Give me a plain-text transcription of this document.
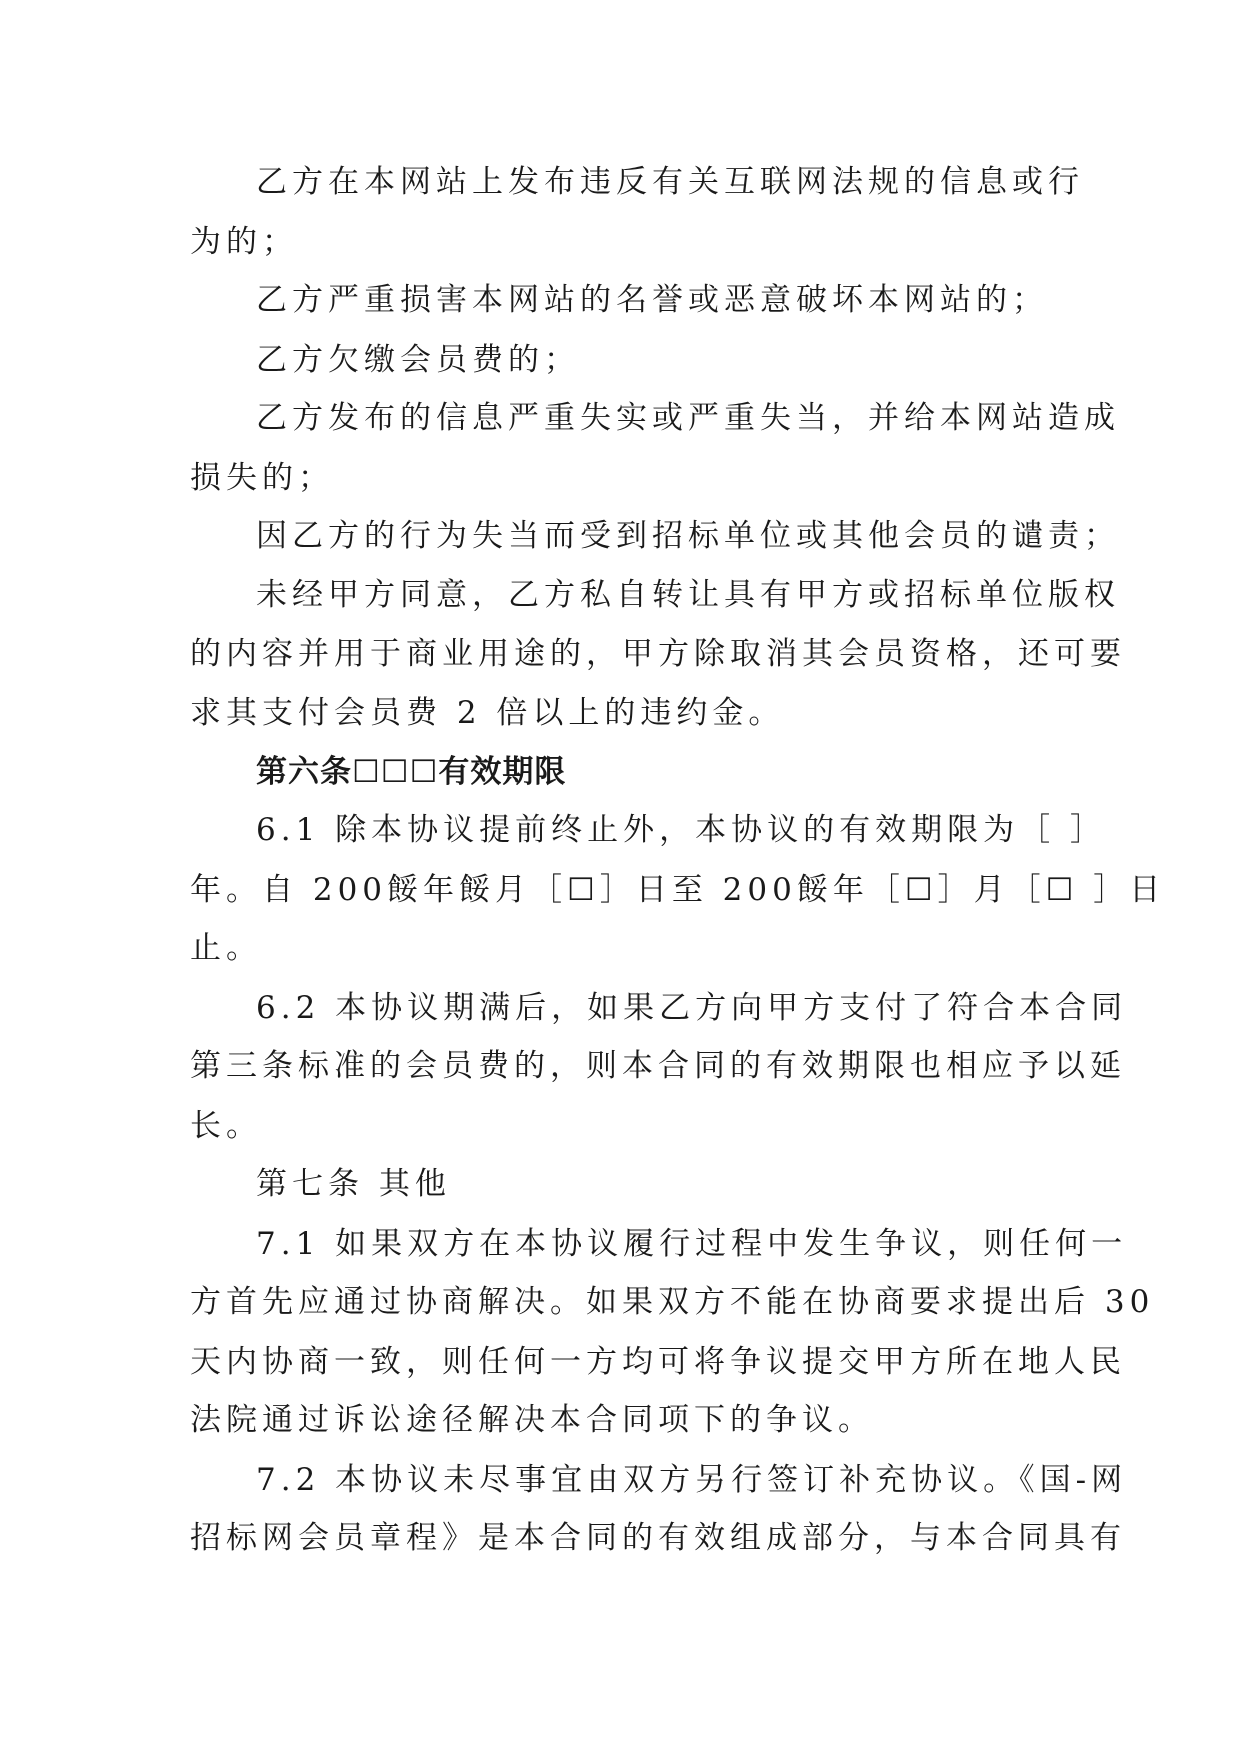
乙方在本网站上发布违反有关互联网法规的信息或行
为的；
乙方严重损害本网站的名誉或恶意破坏本网站的；
乙方欠缴会员费的；
乙方发布的信息严重失实或严重失当，并给本网站造成
损失的；
因乙方的行为失当而受到招标单位或其他会员的谴责；
未经甲方同意，乙方私自转让具有甲方或招标单位版权
的内容并用于商业用途的，甲方除取消其会员资格，还可要
求其支付会员费 2 倍以上的违约金。
第六条☐☐☐有效期限
6.1 除本协议提前终止外，本协议的有效期限为［ ］
年。自 200餒年餒月［☐］日至 200餒年［☐］月［☐ ］日
止。
6.2 本协议期满后，如果乙方向甲方支付了符合本合同
第三条标准的会员费的，则本合同的有效期限也相应予以延
长。
第七条 其他
7.1 如果双方在本协议履行过程中发生争议，则任何一
方首先应通过协商解决。如果双方不能在协商要求提出后 30
天内协商一致，则任何一方均可将争议提交甲方所在地人民
法院通过诉讼途径解决本合同项下的争议。
7.2 本协议未尽事宜由双方另行签订补充协议。《国-网
招标网会员章程》是本合同的有效组成部分，与本合同具有
